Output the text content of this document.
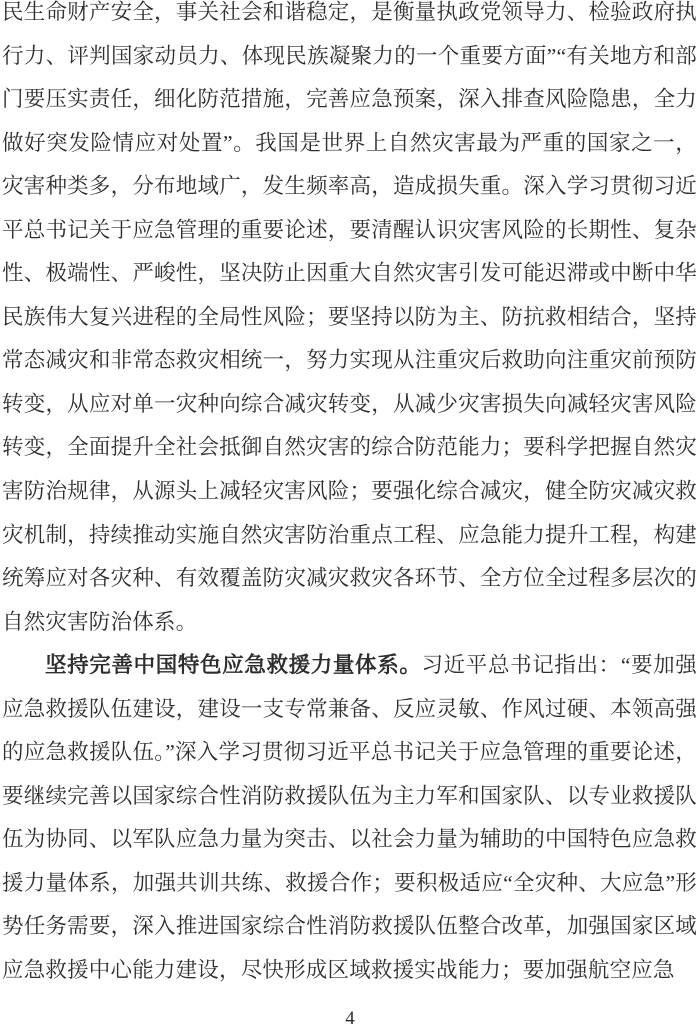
民生命财产安全，事关社会和谐稳定，是衡量执政党领导力、检验政府执行力、评判国家动员力、体现民族凝聚力的一个重要方面”“有关地方和部门要压实责任，细化防范措施，完善应急预案，深入排查风险隐患，全力做好突发险情应对处置”。我国是世界上自然灾害最为严重的国家之一，灾害种类多，分布地域广，发生频率高，造成损失重。深入学习贯彻习近平总书记关于应急管理的重要论述，要清醒认识灾害风险的长期性、复杂性、极端性、严峻性，坚决防止因重大自然灾害引发可能迟滞或中断中华民族伟大复兴进程的全局性风险；要坚持以防为主、防抗救相结合，坚持常态减灾和非常态救灾相统一，努力实现从注重灾后救助向注重灾前预防转变，从应对单一灾种向综合减灾转变，从减少灾害损失向减轻灾害风险转变，全面提升全社会抵御自然灾害的综合防范能力；要科学把握自然灾害防治规律，从源头上减轻灾害风险；要强化综合减灾，健全防灾减灾救灾机制，持续推动实施自然灾害防治重点工程、应急能力提升工程，构建统筹应对各灾种、有效覆盖防灾减灾救灾各环节、全方位全过程多层次的自然灾害防治体系。

坚持完善中国特色应急救援力量体系。习近平总书记指出：“要加强应急救援队伍建设，建设一支专常兼备、反应灵敏、作风过硬、本领高强的应急救援队伍。”深入学习贯彻习近平总书记关于应急管理的重要论述，要继续完善以国家综合性消防救援队伍为主力军和国家队、以专业救援队伍为协同、以军队应急力量为突击、以社会力量为辅助的中国特色应急救援力量体系，加强共训共练、救援合作；要积极适应“全灾种、大应急”形势任务需要，深入推进国家综合性消防救援队伍整合改革，加强国家区域应急救援中心能力建设，尽快形成区域救援实战能力；要加强航空应急

4
